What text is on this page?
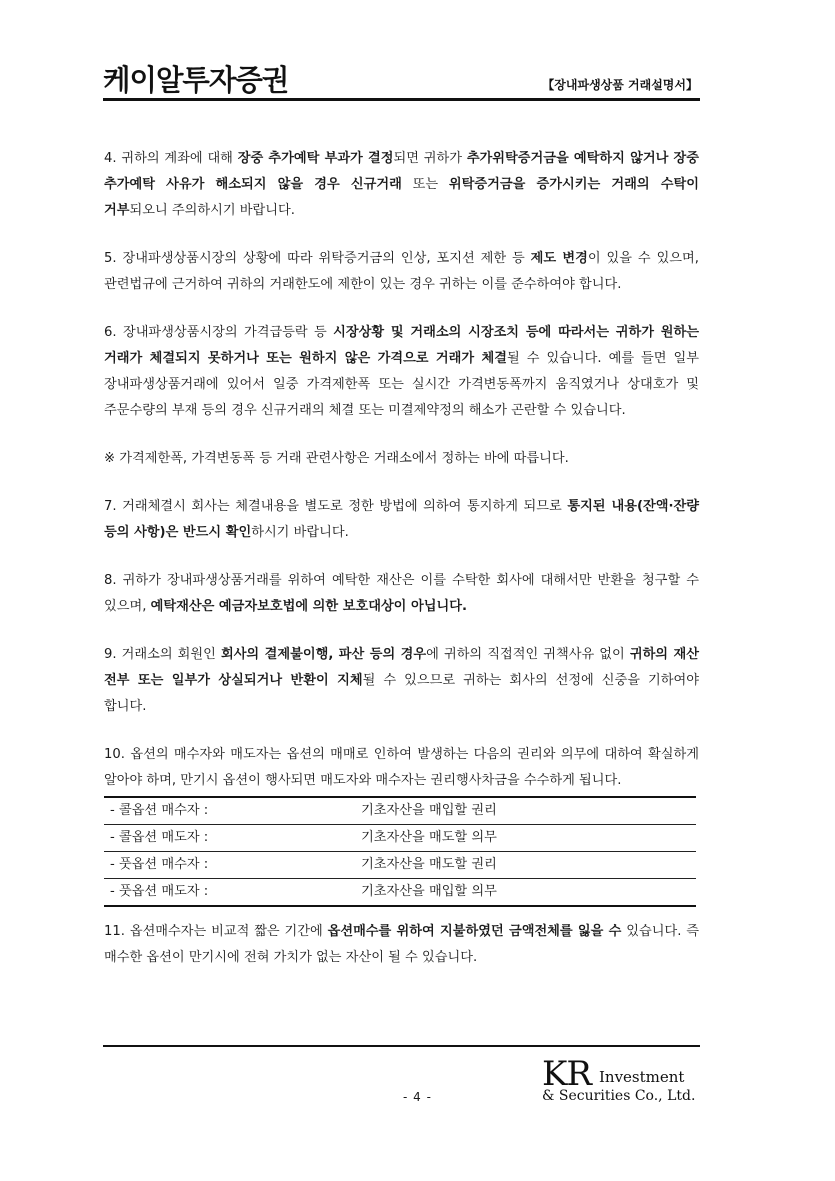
케이알투자증권	【장내파생상품 거래설명서】

4. 귀하의 계좌에 대해 장중 추가예탁 부과가 결정되면 귀하가 추가위탁증거금을 예탁하지 않거나 장중 추가예탁 사유가 해소되지 않을 경우 신규거래 또는 위탁증거금을 증가시키는 거래의 수탁이 거부되오니 주의하시기 바랍니다.

5. 장내파생상품시장의 상황에 따라 위탁증거금의 인상, 포지션 제한 등 제도 변경이 있을 수 있으며, 관련법규에 근거하여 귀하의 거래한도에 제한이 있는 경우 귀하는 이를 준수하여야 합니다.

6. 장내파생상품시장의 가격급등락 등 시장상황 및 거래소의 시장조치 등에 따라서는 귀하가 원하는 거래가 체결되지 못하거나 또는 원하지 않은 가격으로 거래가 체결될 수 있습니다. 예를 들면 일부 장내파생상품거래에 있어서 일중 가격제한폭 또는 실시간 가격변동폭까지 움직였거나 상대호가 및 주문수량의 부재 등의 경우 신규거래의 체결 또는 미결제약정의 해소가 곤란할 수 있습니다.

※ 가격제한폭, 가격변동폭 등 거래 관련사항은 거래소에서 정하는 바에 따릅니다.

7. 거래체결시 회사는 체결내용을 별도로 정한 방법에 의하여 통지하게 되므로 통지된 내용(잔액·잔량 등의 사항)은 반드시 확인하시기 바랍니다.

8. 귀하가 장내파생상품거래를 위하여 예탁한 재산은 이를 수탁한 회사에 대해서만 반환을 청구할 수 있으며, 예탁재산은 예금자보호법에 의한 보호대상이 아닙니다.

9. 거래소의 회원인 회사의 결제불이행, 파산 등의 경우에 귀하의 직접적인 귀책사유 없이 귀하의 재산 전부 또는 일부가 상실되거나 반환이 지체될 수 있으므로 귀하는 회사의 선정에 신중을 기하여야 합니다.

10. 옵션의 매수자와 매도자는 옵션의 매매로 인하여 발생하는 다음의 권리와 의무에 대하여 확실하게 알아야 하며, 만기시 옵션이 행사되면 매도자와 매수자는 권리행사차금을 수수하게 됩니다.

- 콜옵션 매수자 :	기초자산을 매입할 권리
- 콜옵션 매도자 :	기초자산을 매도할 의무
- 풋옵션 매수자 :	기초자산을 매도할 권리
- 풋옵션 매도자 :	기초자산을 매입할 의무

11. 옵션매수자는 비교적 짧은 기간에 옵션매수를 위하여 지불하였던 금액전체를 잃을 수 있습니다. 즉 매수한 옵션이 만기시에 전혀 가치가 없는 자산이 될 수 있습니다.

- 4 -
KR Investment
& Securities Co., Ltd.
